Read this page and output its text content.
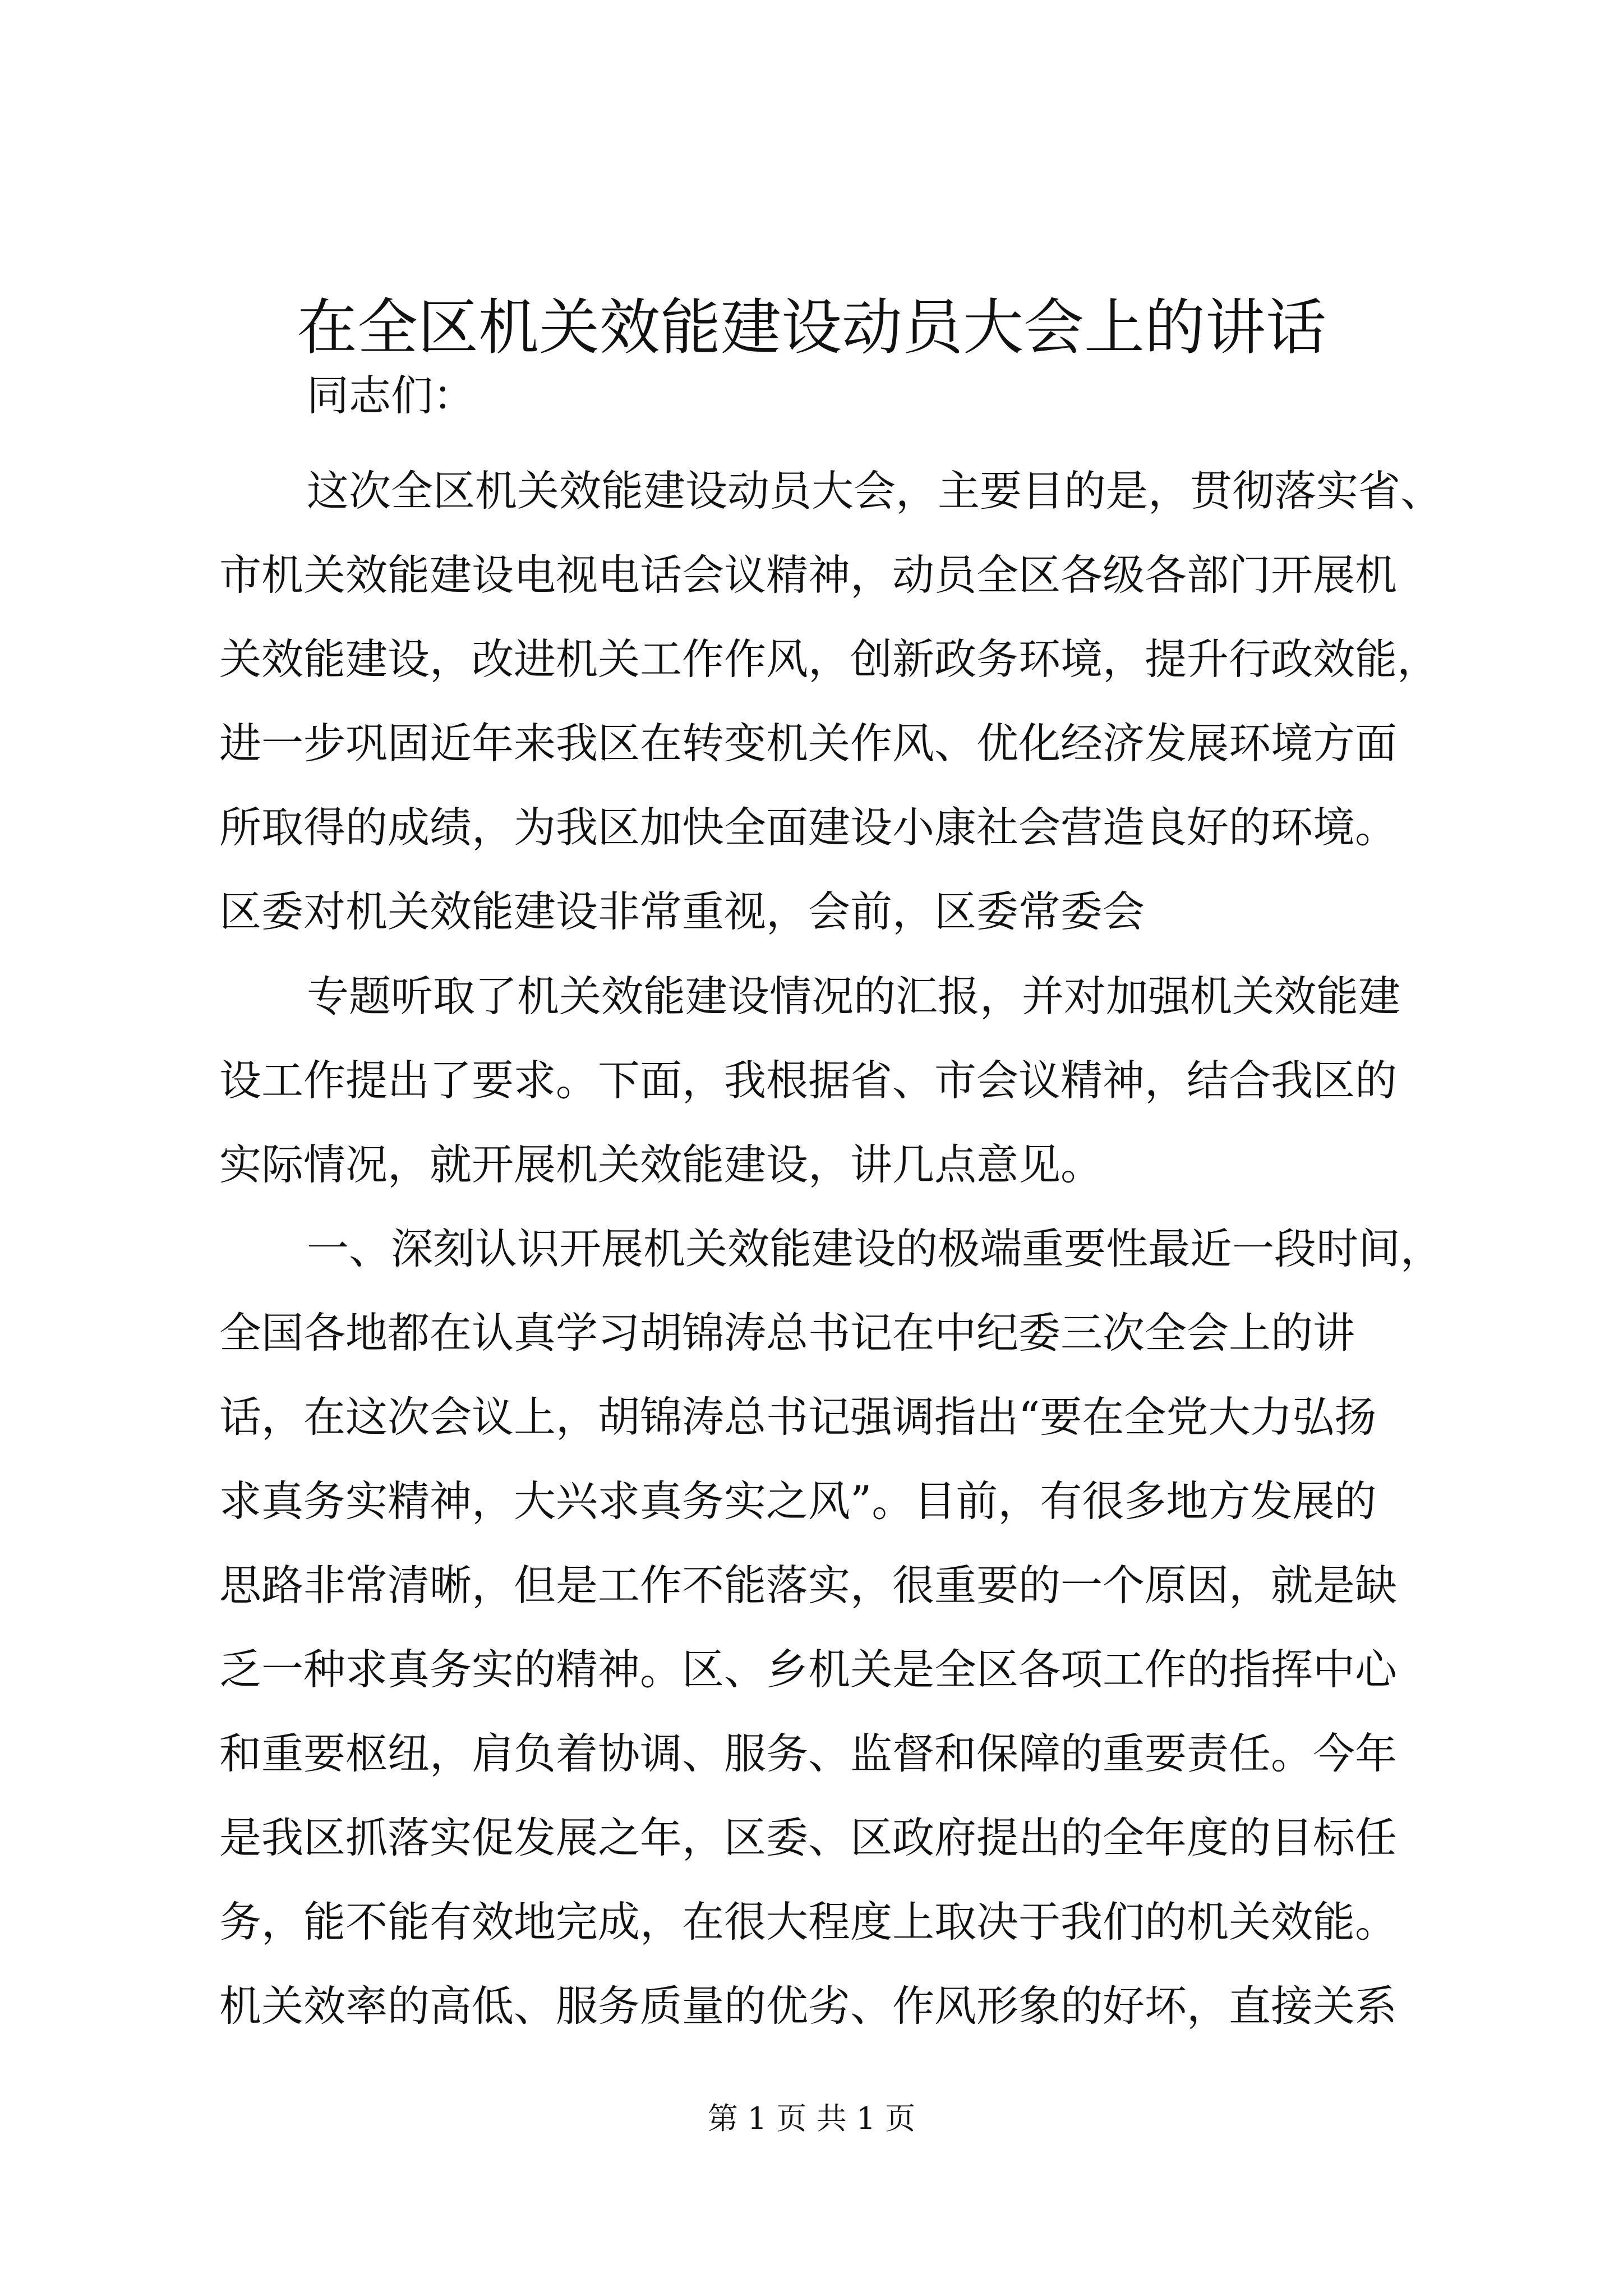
在全区机关效能建设动员大会上的讲话

同志们：

这次全区机关效能建设动员大会，主要目的是，贯彻落实省、

市机关效能建设电视电话会议精神，动员全区各级各部门开展机

关效能建设，改进机关工作作风，创新政务环境，提升行政效能，

进一步巩固近年来我区在转变机关作风、优化经济发展环境方面

所取得的成绩，为我区加快全面建设小康社会营造良好的环境。

区委对机关效能建设非常重视，会前，区委常委会

专题听取了机关效能建设情况的汇报，并对加强机关效能建

设工作提出了要求。下面，我根据省、市会议精神，结合我区的

实际情况，就开展机关效能建设，讲几点意见。

一、深刻认识开展机关效能建设的极端重要性最近一段时间，

全国各地都在认真学习胡锦涛总书记在中纪委三次全会上的讲

话，在这次会议上，胡锦涛总书记强调指出“要在全党大力弘扬

求真务实精神，大兴求真务实之风”。目前，有很多地方发展的

思路非常清晰，但是工作不能落实，很重要的一个原因，就是缺

乏一种求真务实的精神。区、乡机关是全区各项工作的指挥中心

和重要枢纽，肩负着协调、服务、监督和保障的重要责任。今年

是我区抓落实促发展之年，区委、区政府提出的全年度的目标任

务，能不能有效地完成，在很大程度上取决于我们的机关效能。

机关效率的高低、服务质量的优劣、作风形象的好坏，直接关系

第 1 页 共 1 页
